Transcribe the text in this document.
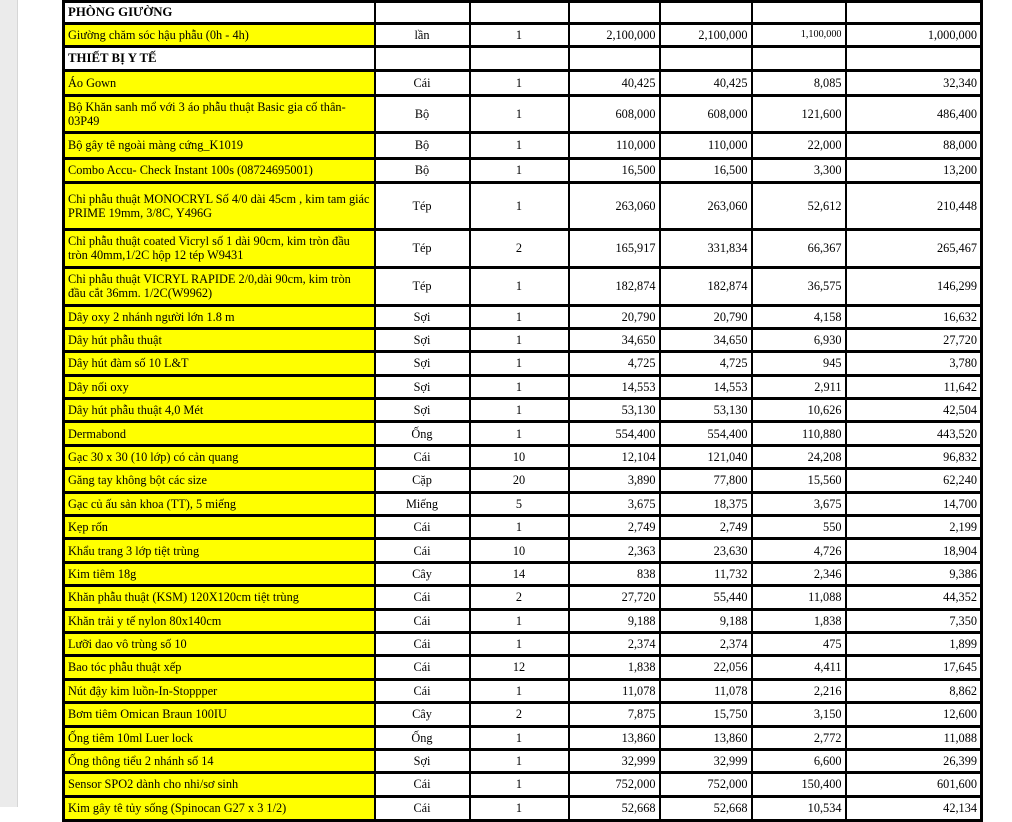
PHÒNG GIƯỜNG						
Giường chăm sóc hậu phẫu (0h - 4h)	lần	1	2,100,000	2,100,000	1,100,000	1,000,000
THIẾT BỊ Y TẾ						
Áo Gown	Cái	1	40,425	40,425	8,085	32,340
Bộ Khăn sanh mổ với 3 áo phẫu thuật Basic gia cố thân-03P49	Bộ	1	608,000	608,000	121,600	486,400
Bộ gây tê ngoài màng cứng_K1019	Bộ	1	110,000	110,000	22,000	88,000
Combo Accu- Check Instant 100s (08724695001)	Bộ	1	16,500	16,500	3,300	13,200
Chỉ phẫu thuật MONOCRYL Số 4/0 dài 45cm , kim tam giác PRIME 19mm, 3/8C, Y496G	Tép	1	263,060	263,060	52,612	210,448
Chỉ phẫu thuật coated Vicryl số 1 dài 90cm, kim tròn đầu tròn 40mm,1/2C hộp 12 tép W9431	Tép	2	165,917	331,834	66,367	265,467
Chỉ phẫu thuật VICRYL RAPIDE 2/0,dài 90cm, kim tròn đầu cắt 36mm. 1/2C(W9962)	Tép	1	182,874	182,874	36,575	146,299
Dây oxy 2 nhánh người lớn 1.8 m	Sợi	1	20,790	20,790	4,158	16,632
Dây hút phẫu thuật	Sợi	1	34,650	34,650	6,930	27,720
Dây hút đàm số 10 L&T	Sợi	1	4,725	4,725	945	3,780
Dây nối oxy	Sợi	1	14,553	14,553	2,911	11,642
Dây hút phẫu thuật 4,0 Mét	Sợi	1	53,130	53,130	10,626	42,504
Dermabond	Ống	1	554,400	554,400	110,880	443,520
Gạc 30 x 30 (10 lớp) có cản quang	Cái	10	12,104	121,040	24,208	96,832
Găng tay không bột các size	Cặp	20	3,890	77,800	15,560	62,240
Gạc củ ấu sản khoa (TT), 5 miếng	Miếng	5	3,675	18,375	3,675	14,700
Kẹp rốn	Cái	1	2,749	2,749	550	2,199
Khẩu trang 3 lớp tiệt trùng	Cái	10	2,363	23,630	4,726	18,904
Kim tiêm 18g	Cây	14	838	11,732	2,346	9,386
Khăn phẫu thuật (KSM) 120X120cm tiệt trùng	Cái	2	27,720	55,440	11,088	44,352
Khăn trải y tế nylon 80x140cm	Cái	1	9,188	9,188	1,838	7,350
Lưỡi dao vô trùng số 10	Cái	1	2,374	2,374	475	1,899
Bao tóc phẫu thuật xếp	Cái	12	1,838	22,056	4,411	17,645
Nút đậy kim luồn-In-Stoppper	Cái	1	11,078	11,078	2,216	8,862
Bơm tiêm Omican Braun 100IU	Cây	2	7,875	15,750	3,150	12,600
Ống tiêm 10ml Luer lock	Ống	1	13,860	13,860	2,772	11,088
Ống thông tiểu 2 nhánh số 14	Sợi	1	32,999	32,999	6,600	26,399
Sensor SPO2 dành cho nhi/sơ sinh	Cái	1	752,000	752,000	150,400	601,600
Kim gây tê tủy sống (Spinocan G27 x 3 1/2)	Cái	1	52,668	52,668	10,534	42,134
